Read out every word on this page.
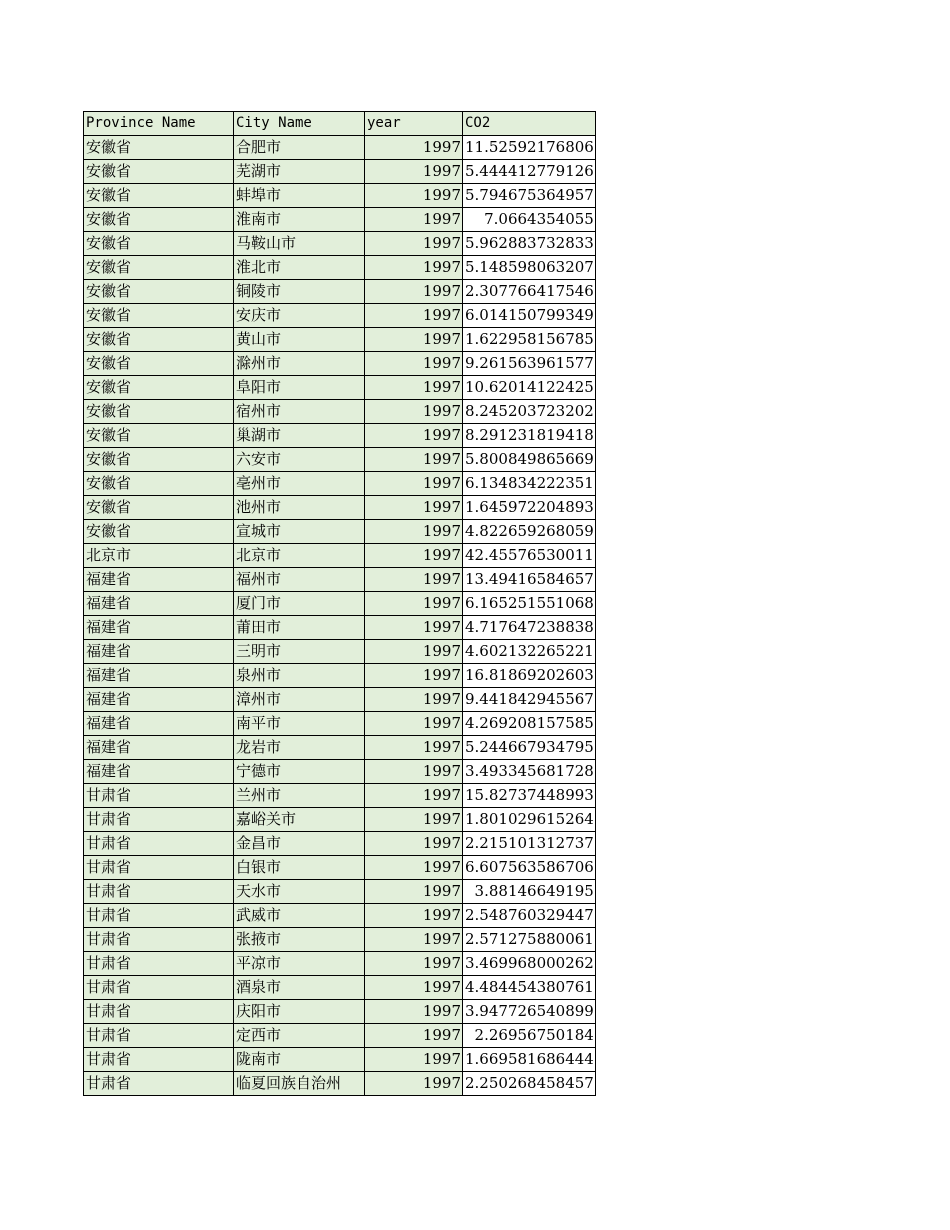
Province Name	City Name	year	CO2
安徽省	合肥市	1997	11.52592176806
安徽省	芜湖市	1997	5.444412779126
安徽省	蚌埠市	1997	5.794675364957
安徽省	淮南市	1997	7.0664354055
安徽省	马鞍山市	1997	5.962883732833
安徽省	淮北市	1997	5.148598063207
安徽省	铜陵市	1997	2.307766417546
安徽省	安庆市	1997	6.014150799349
安徽省	黄山市	1997	1.622958156785
安徽省	滁州市	1997	9.261563961577
安徽省	阜阳市	1997	10.62014122425
安徽省	宿州市	1997	8.245203723202
安徽省	巢湖市	1997	8.291231819418
安徽省	六安市	1997	5.800849865669
安徽省	亳州市	1997	6.134834222351
安徽省	池州市	1997	1.645972204893
安徽省	宣城市	1997	4.822659268059
北京市	北京市	1997	42.45576530011
福建省	福州市	1997	13.49416584657
福建省	厦门市	1997	6.165251551068
福建省	莆田市	1997	4.717647238838
福建省	三明市	1997	4.602132265221
福建省	泉州市	1997	16.81869202603
福建省	漳州市	1997	9.441842945567
福建省	南平市	1997	4.269208157585
福建省	龙岩市	1997	5.244667934795
福建省	宁德市	1997	3.493345681728
甘肃省	兰州市	1997	15.82737448993
甘肃省	嘉峪关市	1997	1.801029615264
甘肃省	金昌市	1997	2.215101312737
甘肃省	白银市	1997	6.607563586706
甘肃省	天水市	1997	3.88146649195
甘肃省	武威市	1997	2.548760329447
甘肃省	张掖市	1997	2.571275880061
甘肃省	平凉市	1997	3.469968000262
甘肃省	酒泉市	1997	4.484454380761
甘肃省	庆阳市	1997	3.947726540899
甘肃省	定西市	1997	2.26956750184
甘肃省	陇南市	1997	1.669581686444
甘肃省	临夏回族自治州	1997	2.250268458457
